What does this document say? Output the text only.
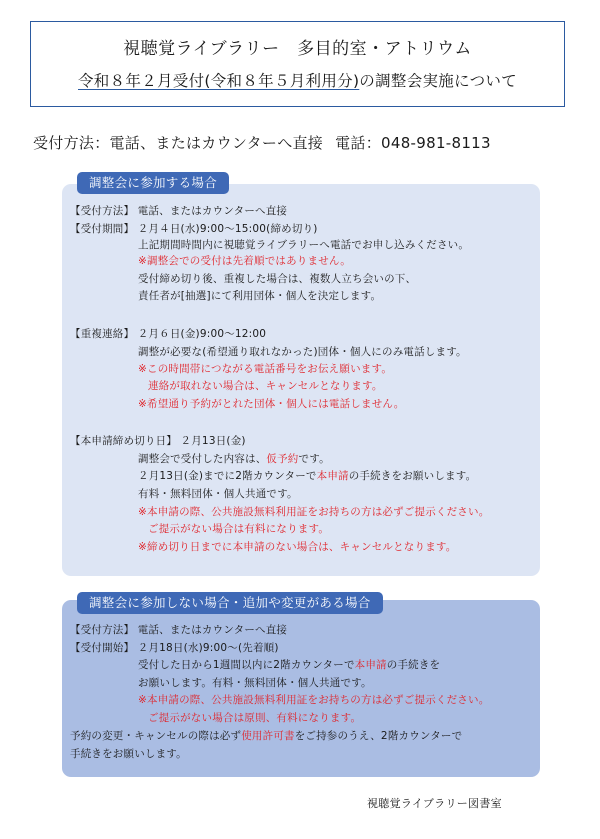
視聴覚ライブラリー　多目的室・アトリウム
令和８年２月受付(令和８年５月利用分)の調整会実施について
受付方法：電話、またはカウンターへ直接 電話：048-981-8113
調整会に参加する場合
【受付方法】 電話、またはカウンターへ直接
【受付期間】 ２月４日(水)9:00～15:00(締め切り)
上記期間時間内に視聴覚ライブラリーへ電話でお申し込みください。
※調整会での受付は先着順ではありません。
受付締め切り後、重複した場合は、複数人立ち会いの下、
責任者が[抽選]にて利用団体・個人を決定します。
【重複連絡】 ２月６日(金)9:00～12:00
調整が必要な(希望通り取れなかった)団体・個人にのみ電話します。
※この時間帯につながる電話番号をお伝え願います。
連絡が取れない場合は、キャンセルとなります。
※希望通り予約がとれた団体・個人には電話しません。
【本申請締め切り日】 ２月13日(金)
調整会で受付した内容は、仮予約です。
２月13日(金)までに2階カウンターで本申請の手続きをお願いします。
有料・無料団体・個人共通です。
※本申請の際、公共施設無料利用証をお持ちの方は必ずご提示ください。
ご提示がない場合は有料になります。
※締め切り日までに本申請のない場合は、キャンセルとなります。
調整会に参加しない場合・追加や変更がある場合
【受付方法】 電話、またはカウンターへ直接
【受付開始】 ２月18日(水)9:00～(先着順)
受付した日から1週間以内に2階カウンターで本申請の手続きを
お願いします。有料・無料団体・個人共通です。
※本申請の際、公共施設無料利用証をお持ちの方は必ずご提示ください。
ご提示がない場合は原則、有料になります。
予約の変更・キャンセルの際は必ず使用許可書をご持参のうえ、2階カウンターで
手続きをお願いします。
視聴覚ライブラリー図書室
